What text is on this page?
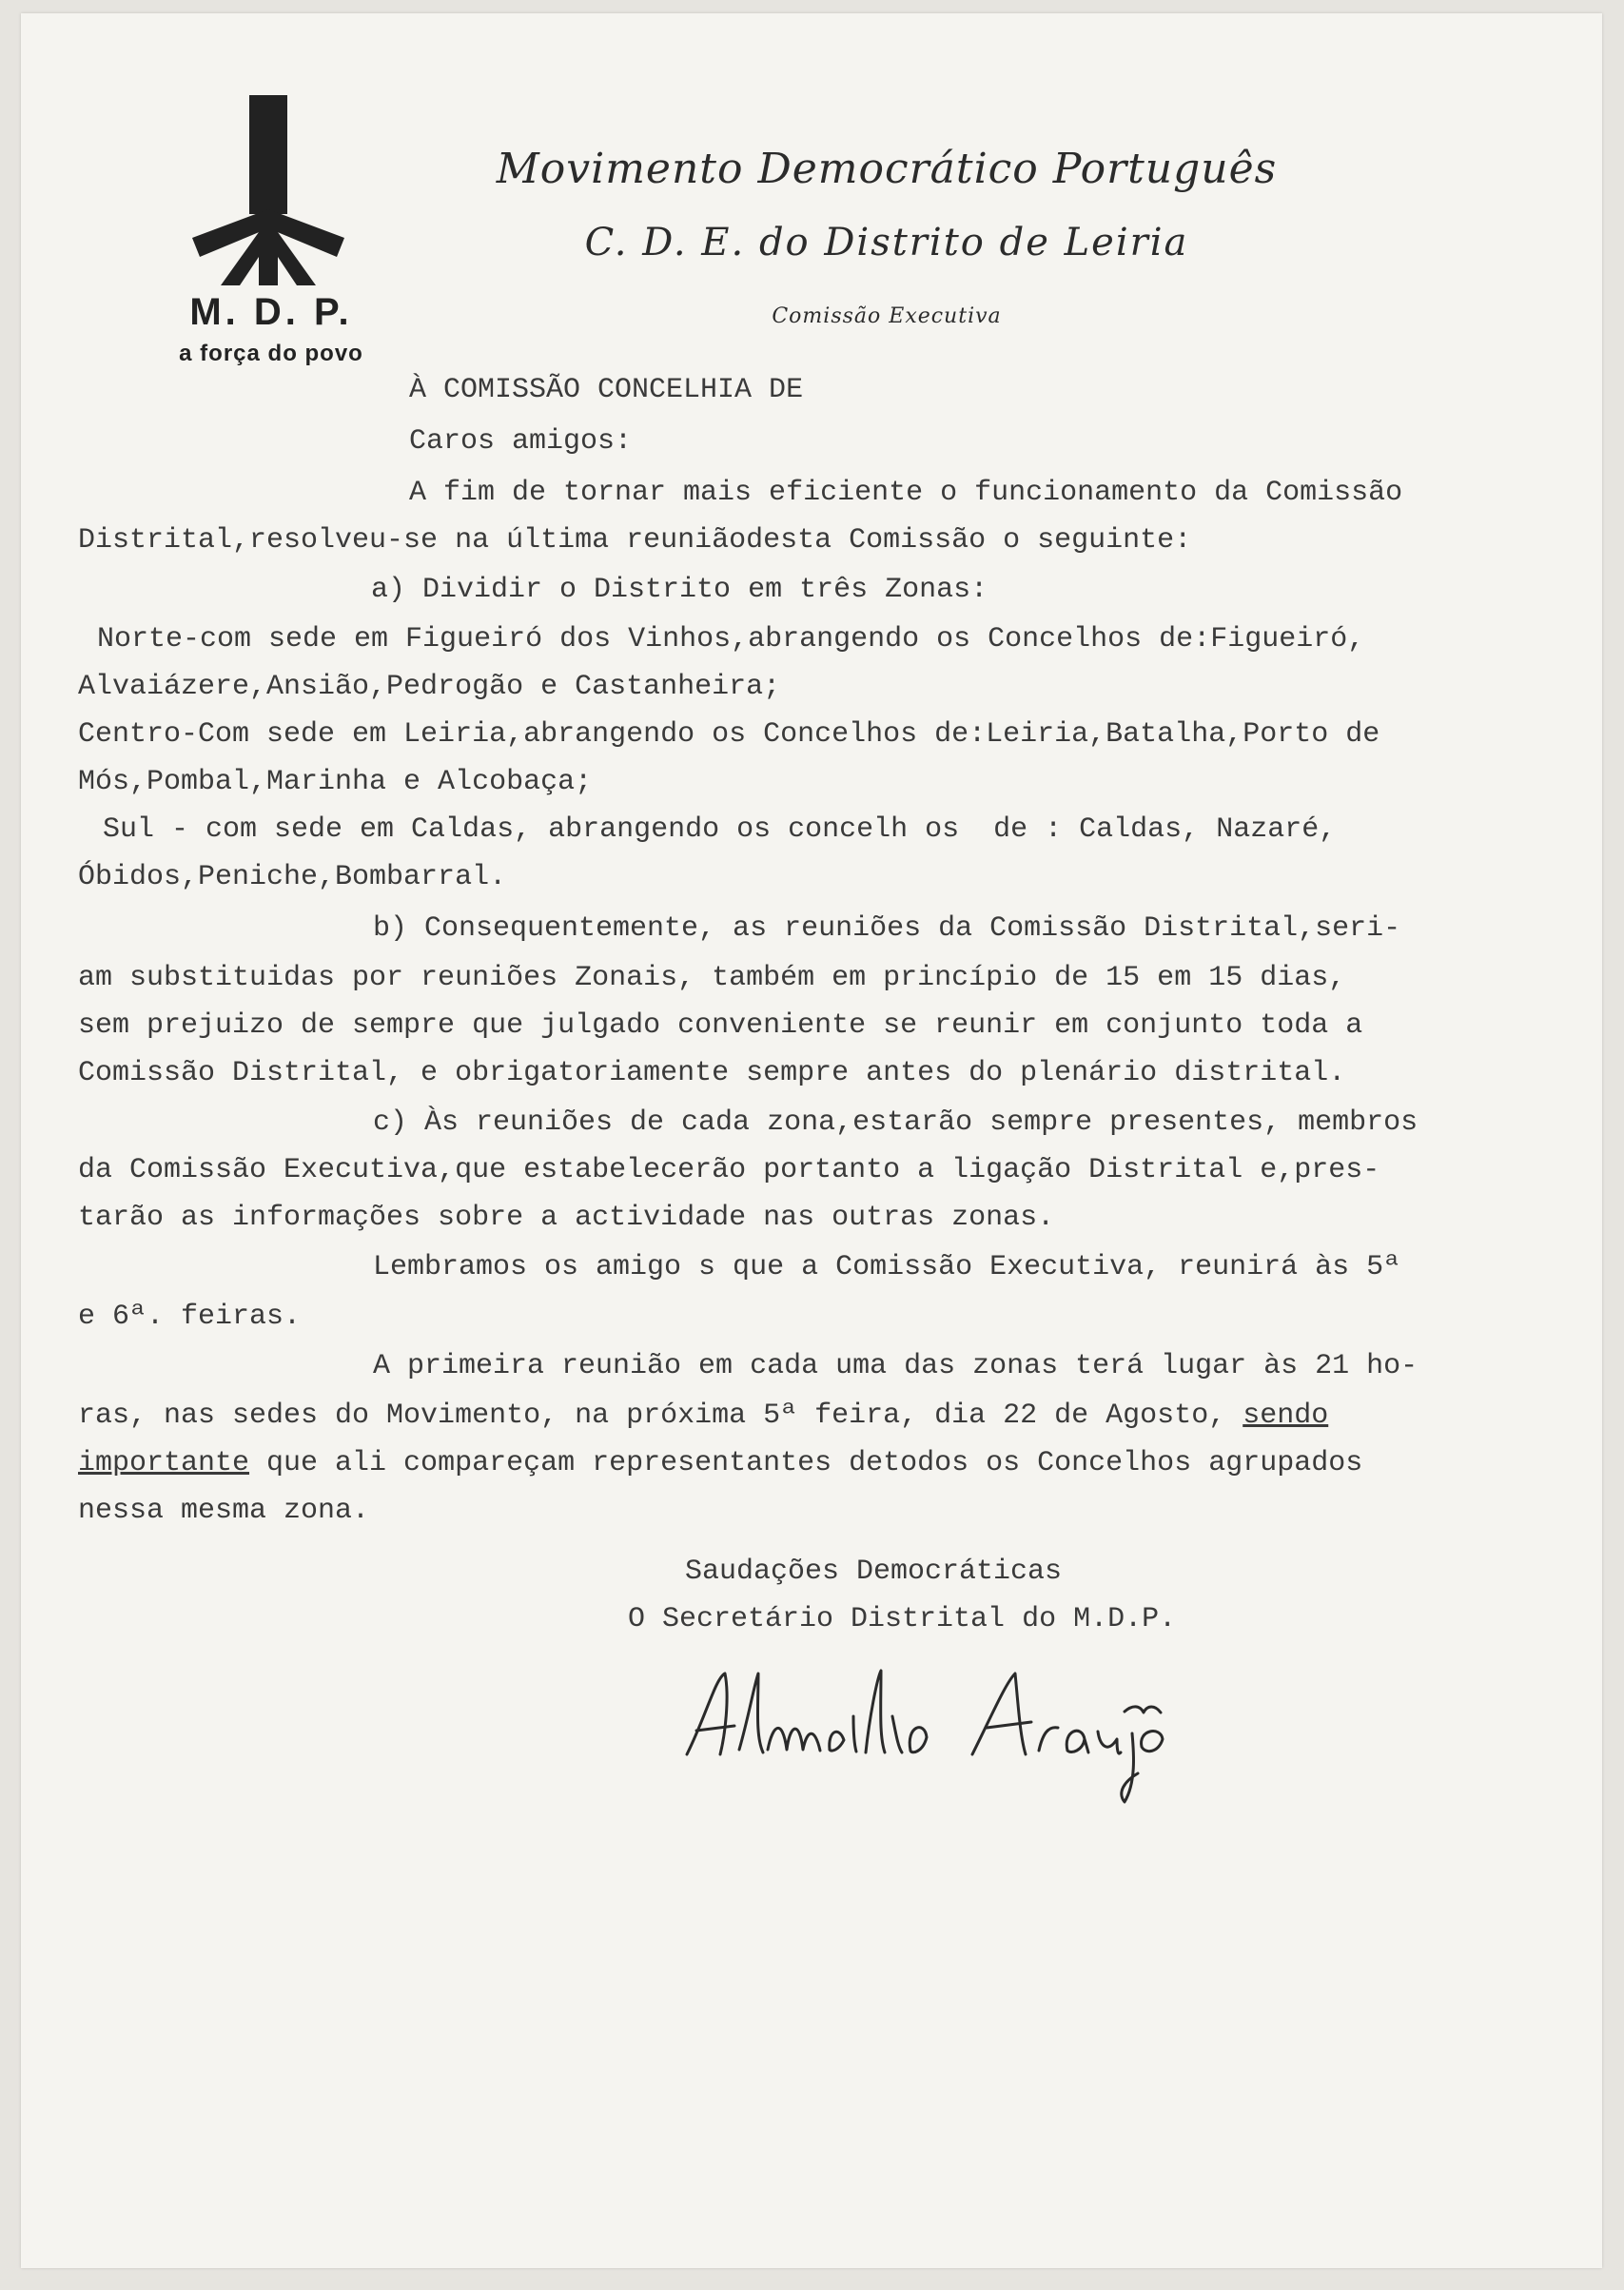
M. D. P.
a força do povo
Movimento Democrático Português
C. D. E. do Distrito de Leiria
Comissão Executiva
À COMISSÃO CONCELHIA DE
Caros amigos:
A fim de tornar mais eficiente o funcionamento da Comissão
Distrital,resolveu-se na última reuniãodesta Comissão o seguinte:
a) Dividir o Distrito em três Zonas:
Norte-com sede em Figueiró dos Vinhos,abrangendo os Concelhos de:Figueiró,
Alvaiázere,Ansião,Pedrogão e Castanheira;
Centro-Com sede em Leiria,abrangendo os Concelhos de:Leiria,Batalha,Porto de
Mós,Pombal,Marinha e Alcobaça;
Sul - com sede em Caldas, abrangendo os concelh os  de : Caldas, Nazaré,
Óbidos,Peniche,Bombarral.
b) Consequentemente, as reuniões da Comissão Distrital,seri-
am substituidas por reuniões Zonais, também em princípio de 15 em 15 dias,
sem prejuizo de sempre que julgado conveniente se reunir em conjunto toda a
Comissão Distrital, e obrigatoriamente sempre antes do plenário distrital.
c) Às reuniões de cada zona,estarão sempre presentes, membros
da Comissão Executiva,que estabelecerão portanto a ligação Distrital e,pres-
tarão as informações sobre a actividade nas outras zonas.
Lembramos os amigo s que a Comissão Executiva, reunirá às 5ª
e 6ª. feiras.
A primeira reunião em cada uma das zonas terá lugar às 21 ho-
ras, nas sedes do Movimento, na próxima 5ª feira, dia 22 de Agosto, sendo
importante que ali compareçam representantes detodos os Concelhos agrupados
nessa mesma zona.
Saudações Democráticas
O Secretário Distrital do M.D.P.
